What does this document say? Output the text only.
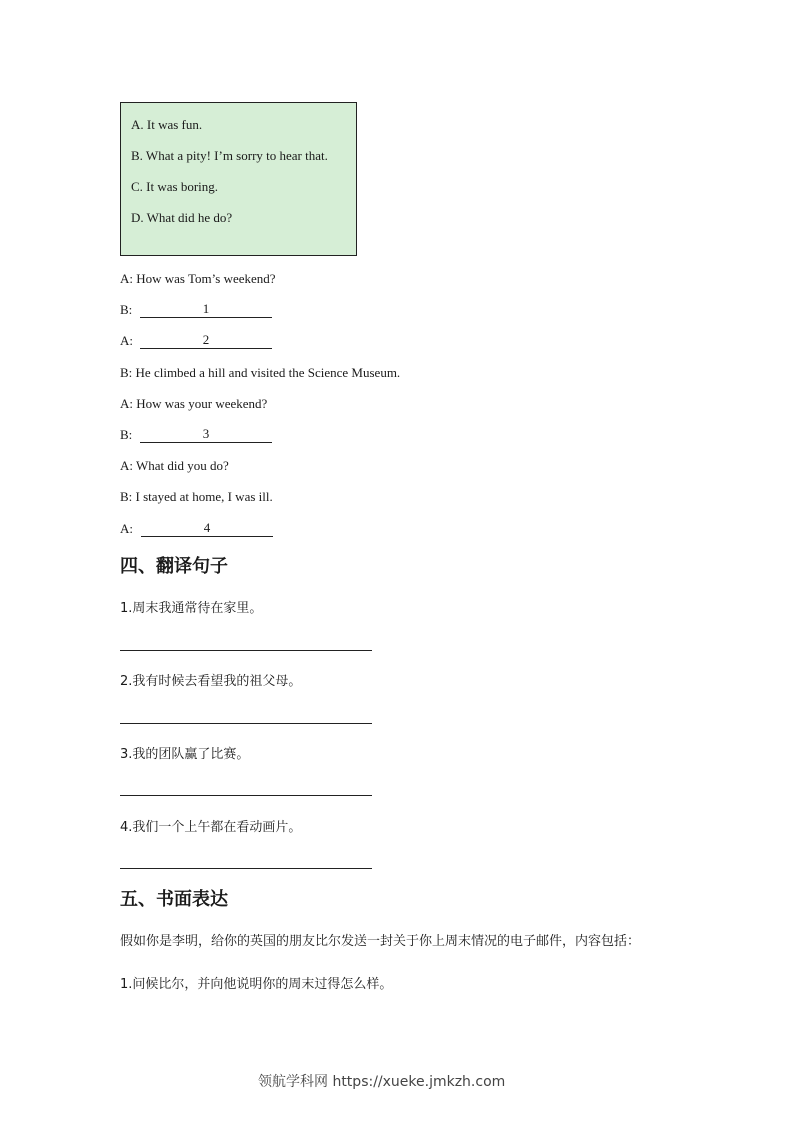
A. It was fun.
B. What a pity! I’m sorry to hear that.
C. It was boring.
D. What did he do?
A: How was Tom’s weekend?
B:	1
A:	2
B: He climbed a hill and visited the Science Museum.
A: How was your weekend?
B:	3
A: What did you do?
B: I stayed at home, I was ill.
A:	4
四、翻译句子
1.周末我通常待在家里。
2.我有时候去看望我的祖父母。
3.我的团队赢了比赛。
4.我们一个上午都在看动画片。
五、书面表达
假如你是李明，给你的英国的朋友比尔发送一封关于你上周末情况的电子邮件，内容包括：
1.问候比尔，并向他说明你的周末过得怎么样。
领航学科网 https://xueke.jmkzh.com
